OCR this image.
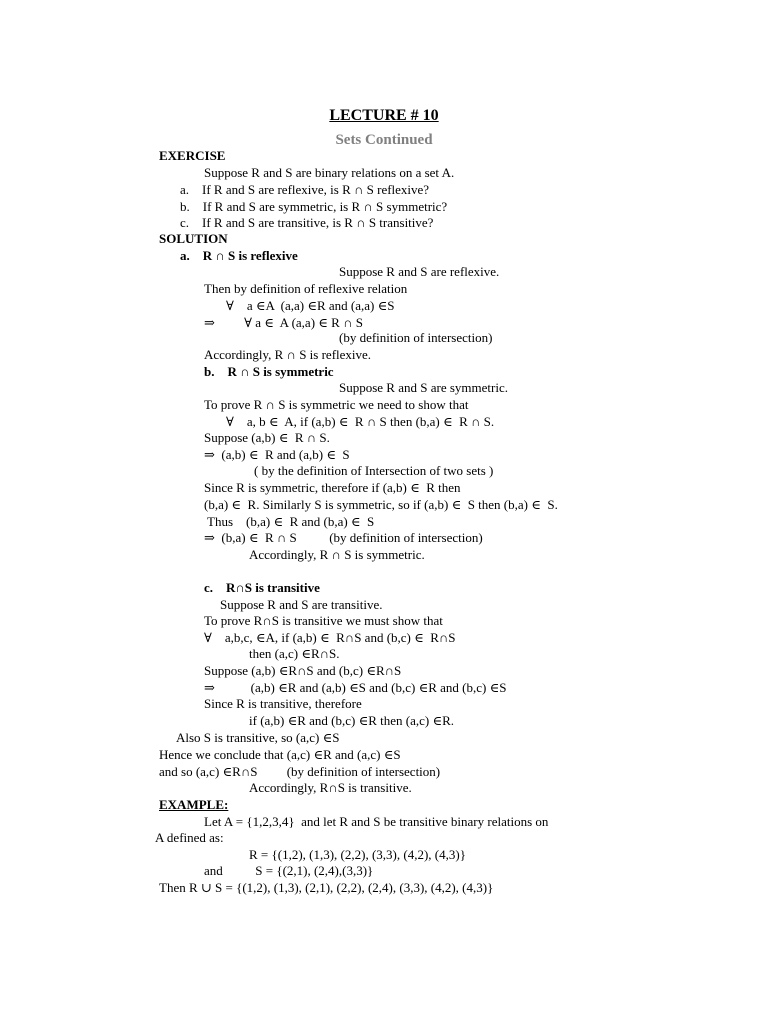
LECTURE # 10
Sets Continued
EXERCISE
Suppose R and S are binary relations on a set A.
a.    If R and S are reflexive, is R ∩ S reflexive?
b.    If R and S are symmetric, is R ∩ S symmetric?
c.    If R and S are transitive, is R ∩ S transitive?
SOLUTION
a.    R ∩ S is reflexive
Suppose R and S are reflexive.
Then by definition of reflexive relation
∀    a ∈A  (a,a) ∈R and (a,a) ∈S
⇒         ∀ a ∈  A (a,a) ∈ R ∩ S
(by definition of intersection)
Accordingly, R ∩ S is reflexive.
b.    R ∩ S is symmetric
Suppose R and S are symmetric.
To prove R ∩ S is symmetric we need to show that
∀    a, b ∈  A, if (a,b) ∈  R ∩ S then (b,a) ∈  R ∩ S.
Suppose (a,b) ∈  R ∩ S.
⇒  (a,b) ∈  R and (a,b) ∈  S
( by the definition of Intersection of two sets )
Since R is symmetric, therefore if (a,b) ∈  R then
(b,a) ∈  R. Similarly S is symmetric, so if (a,b) ∈  S then (b,a) ∈  S.
Thus    (b,a) ∈  R and (b,a) ∈  S
⇒  (b,a) ∈  R ∩ S          (by definition of intersection)
Accordingly, R ∩ S is symmetric.
c.    R∩S is transitive
Suppose R and S are transitive.
To prove R∩S is transitive we must show that
∀    a,b,c, ∈A, if (a,b) ∈  R∩S and (b,c) ∈  R∩S
then (a,c) ∈R∩S.
Suppose (a,b) ∈R∩S and (b,c) ∈R∩S
⇒           (a,b) ∈R and (a,b) ∈S and (b,c) ∈R and (b,c) ∈S
Since R is transitive, therefore
if (a,b) ∈R and (b,c) ∈R then (a,c) ∈R.
Also S is transitive, so (a,c) ∈S
Hence we conclude that (a,c) ∈R and (a,c) ∈S
and so (a,c) ∈R∩S         (by definition of intersection)
Accordingly, R∩S is transitive.
EXAMPLE:
Let A = {1,2,3,4}  and let R and S be transitive binary relations on
A defined as:
R = {(1,2), (1,3), (2,2), (3,3), (4,2), (4,3)}
and          S = {(2,1), (2,4),(3,3)}
Then R ∪ S = {(1,2), (1,3), (2,1), (2,2), (2,4), (3,3), (4,2), (4,3)}
